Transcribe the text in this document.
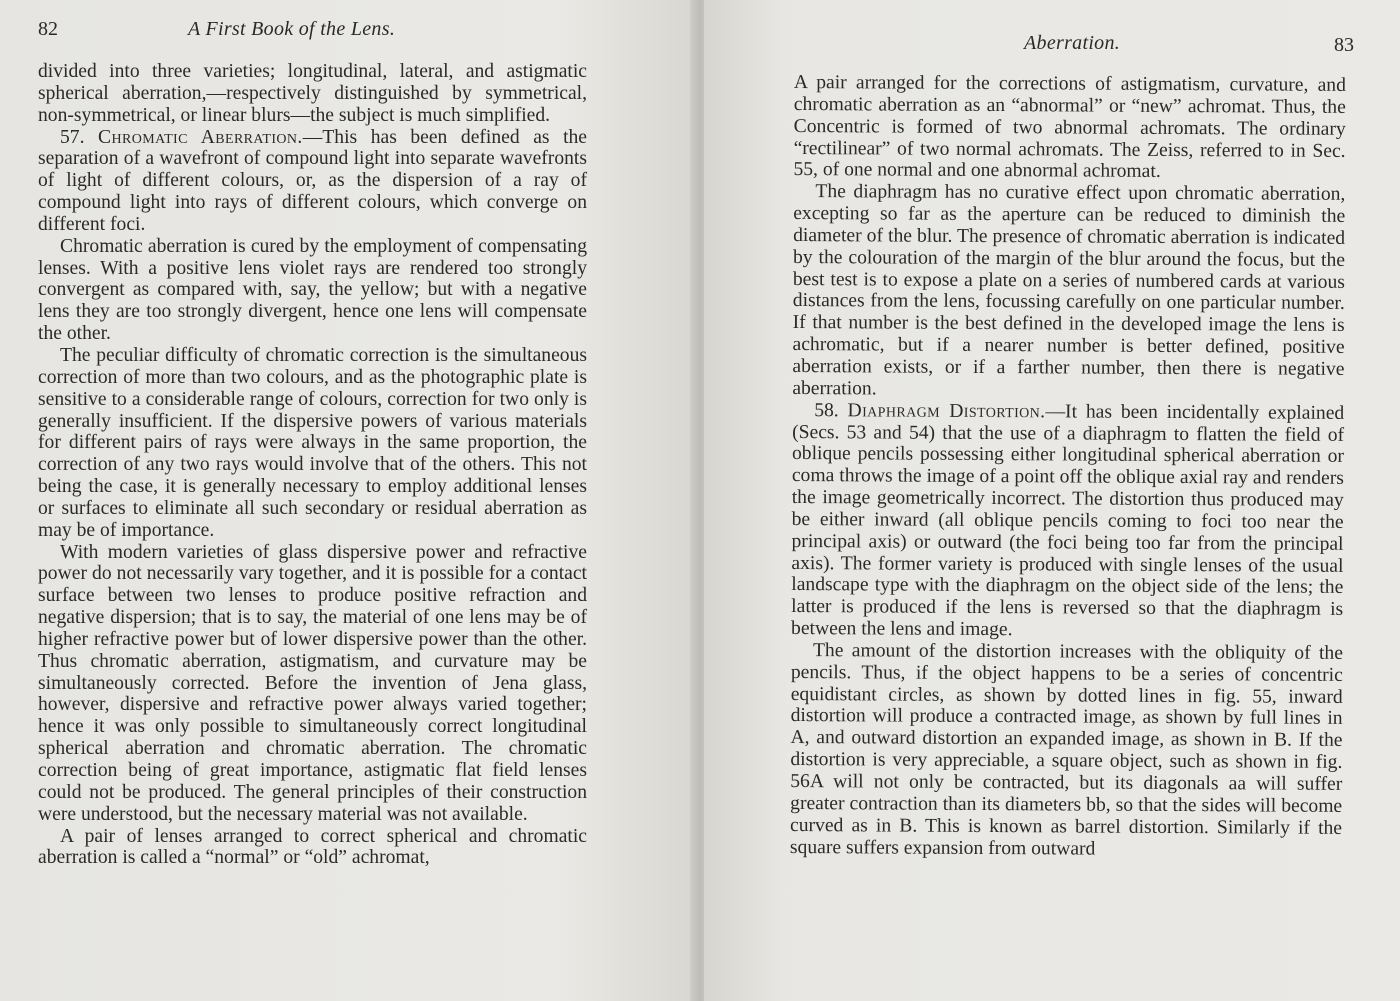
82	A First Book of the Lens.

divided into three varieties; longitudinal, lateral, and astigmatic spherical aberration,—respectively distinguished by symmetrical, non-symmetrical, or linear blurs—the subject is much simplified.

57. Chromatic Aberration.—This has been defined as the separation of a wavefront of compound light into separate wavefronts of light of different colours, or, as the dispersion of a ray of compound light into rays of different colours, which converge on different foci.

Chromatic aberration is cured by the employment of compensating lenses. With a positive lens violet rays are rendered too strongly convergent as compared with, say, the yellow; but with a negative lens they are too strongly divergent, hence one lens will compensate the other.

The peculiar difficulty of chromatic correction is the simultaneous correction of more than two colours, and as the photographic plate is sensitive to a considerable range of colours, correction for two only is generally insufficient. If the dispersive powers of various materials for different pairs of rays were always in the same proportion, the correction of any two rays would involve that of the others. This not being the case, it is generally necessary to employ additional lenses or surfaces to eliminate all such secondary or residual aberration as may be of importance.

With modern varieties of glass dispersive power and refractive power do not necessarily vary together, and it is possible for a contact surface between two lenses to produce positive refraction and negative dispersion; that is to say, the material of one lens may be of higher refractive power but of lower dispersive power than the other. Thus chromatic aberration, astigmatism, and curvature may be simultaneously corrected. Before the invention of Jena glass, however, dispersive and refractive power always varied together; hence it was only possible to simultaneously correct longitudinal spherical aberration and chromatic aberration. The chromatic correction being of great importance, astigmatic flat field lenses could not be produced. The general principles of their construction were understood, but the necessary material was not available.

A pair of lenses arranged to correct spherical and chromatic aberration is called a “normal” or “old” achromat,

Aberration.	83

A pair arranged for the corrections of astigmatism, curvature, and chromatic aberration as an “abnormal” or “new” achromat. Thus, the Concentric is formed of two abnormal achromats. The ordinary “rectilinear” of two normal achromats. The Zeiss, referred to in Sec. 55, of one normal and one abnormal achromat.

The diaphragm has no curative effect upon chromatic aberration, excepting so far as the aperture can be reduced to diminish the diameter of the blur. The presence of chromatic aberration is indicated by the colouration of the margin of the blur around the focus, but the best test is to expose a plate on a series of numbered cards at various distances from the lens, focussing carefully on one particular number. If that number is the best defined in the developed image the lens is achromatic, but if a nearer number is better defined, positive aberration exists, or if a farther number, then there is negative aberration.

58. Diaphragm Distortion.—It has been incidentally explained (Secs. 53 and 54) that the use of a diaphragm to flatten the field of oblique pencils possessing either longitudinal spherical aberration or coma throws the image of a point off the oblique axial ray and renders the image geometrically incorrect. The distortion thus produced may be either inward (all oblique pencils coming to foci too near the principal axis) or outward (the foci being too far from the principal axis). The former variety is produced with single lenses of the usual landscape type with the diaphragm on the object side of the lens; the latter is produced if the lens is reversed so that the diaphragm is between the lens and image.

The amount of the distortion increases with the obliquity of the pencils. Thus, if the object happens to be a series of concentric equidistant circles, as shown by dotted lines in fig. 55, inward distortion will produce a contracted image, as shown by full lines in A, and outward distortion an expanded image, as shown in B. If the distortion is very appreciable, a square object, such as shown in fig. 56A will not only be contracted, but its diagonals aa will suffer greater contraction than its diameters bb, so that the sides will become curved as in B. This is known as barrel distortion. Similarly if the square suffers expansion from outward
